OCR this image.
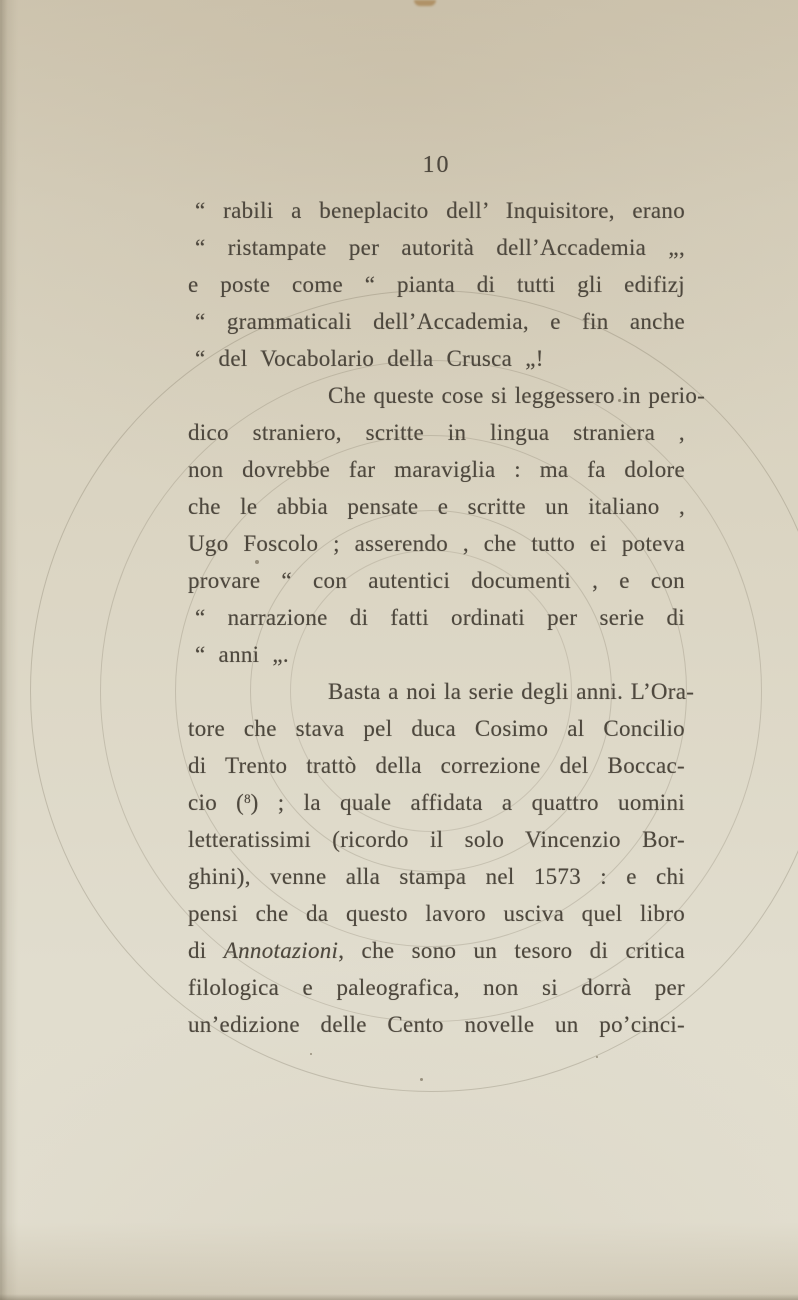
10
“ rabili a beneplacito dell’ Inquisitore, erano
“ ristampate per autorità dell’Accademia „,
e poste come “ pianta di tutti gli edifizj
“ grammaticali dell’Accademia, e fin anche
“ del Vocabolario della Crusca „!
Che queste cose si leggessero in perio-
dico straniero, scritte in lingua straniera ,
non dovrebbe far maraviglia : ma fa dolore
che le abbia pensate e scritte un italiano ,
Ugo Foscolo ; asserendo , che tutto ei poteva
provare “ con autentici documenti , e con
“ narrazione di fatti ordinati per serie di
“ anni „.
Basta a noi la serie degli anni. L’Ora-
tore che stava pel duca Cosimo al Concilio
di Trento trattò della correzione del Boccac-
cio ($^8$) ; la quale affidata a quattro uomini
letteratissimi (ricordo il solo Vincenzio Bor-
ghini), venne alla stampa nel 1573 : e chi
pensi che da questo lavoro usciva quel libro
di Annotazioni, che sono un tesoro di critica
filologica e paleografica, non si dorrà per
un’edizione delle Cento novelle un po’cinci-
